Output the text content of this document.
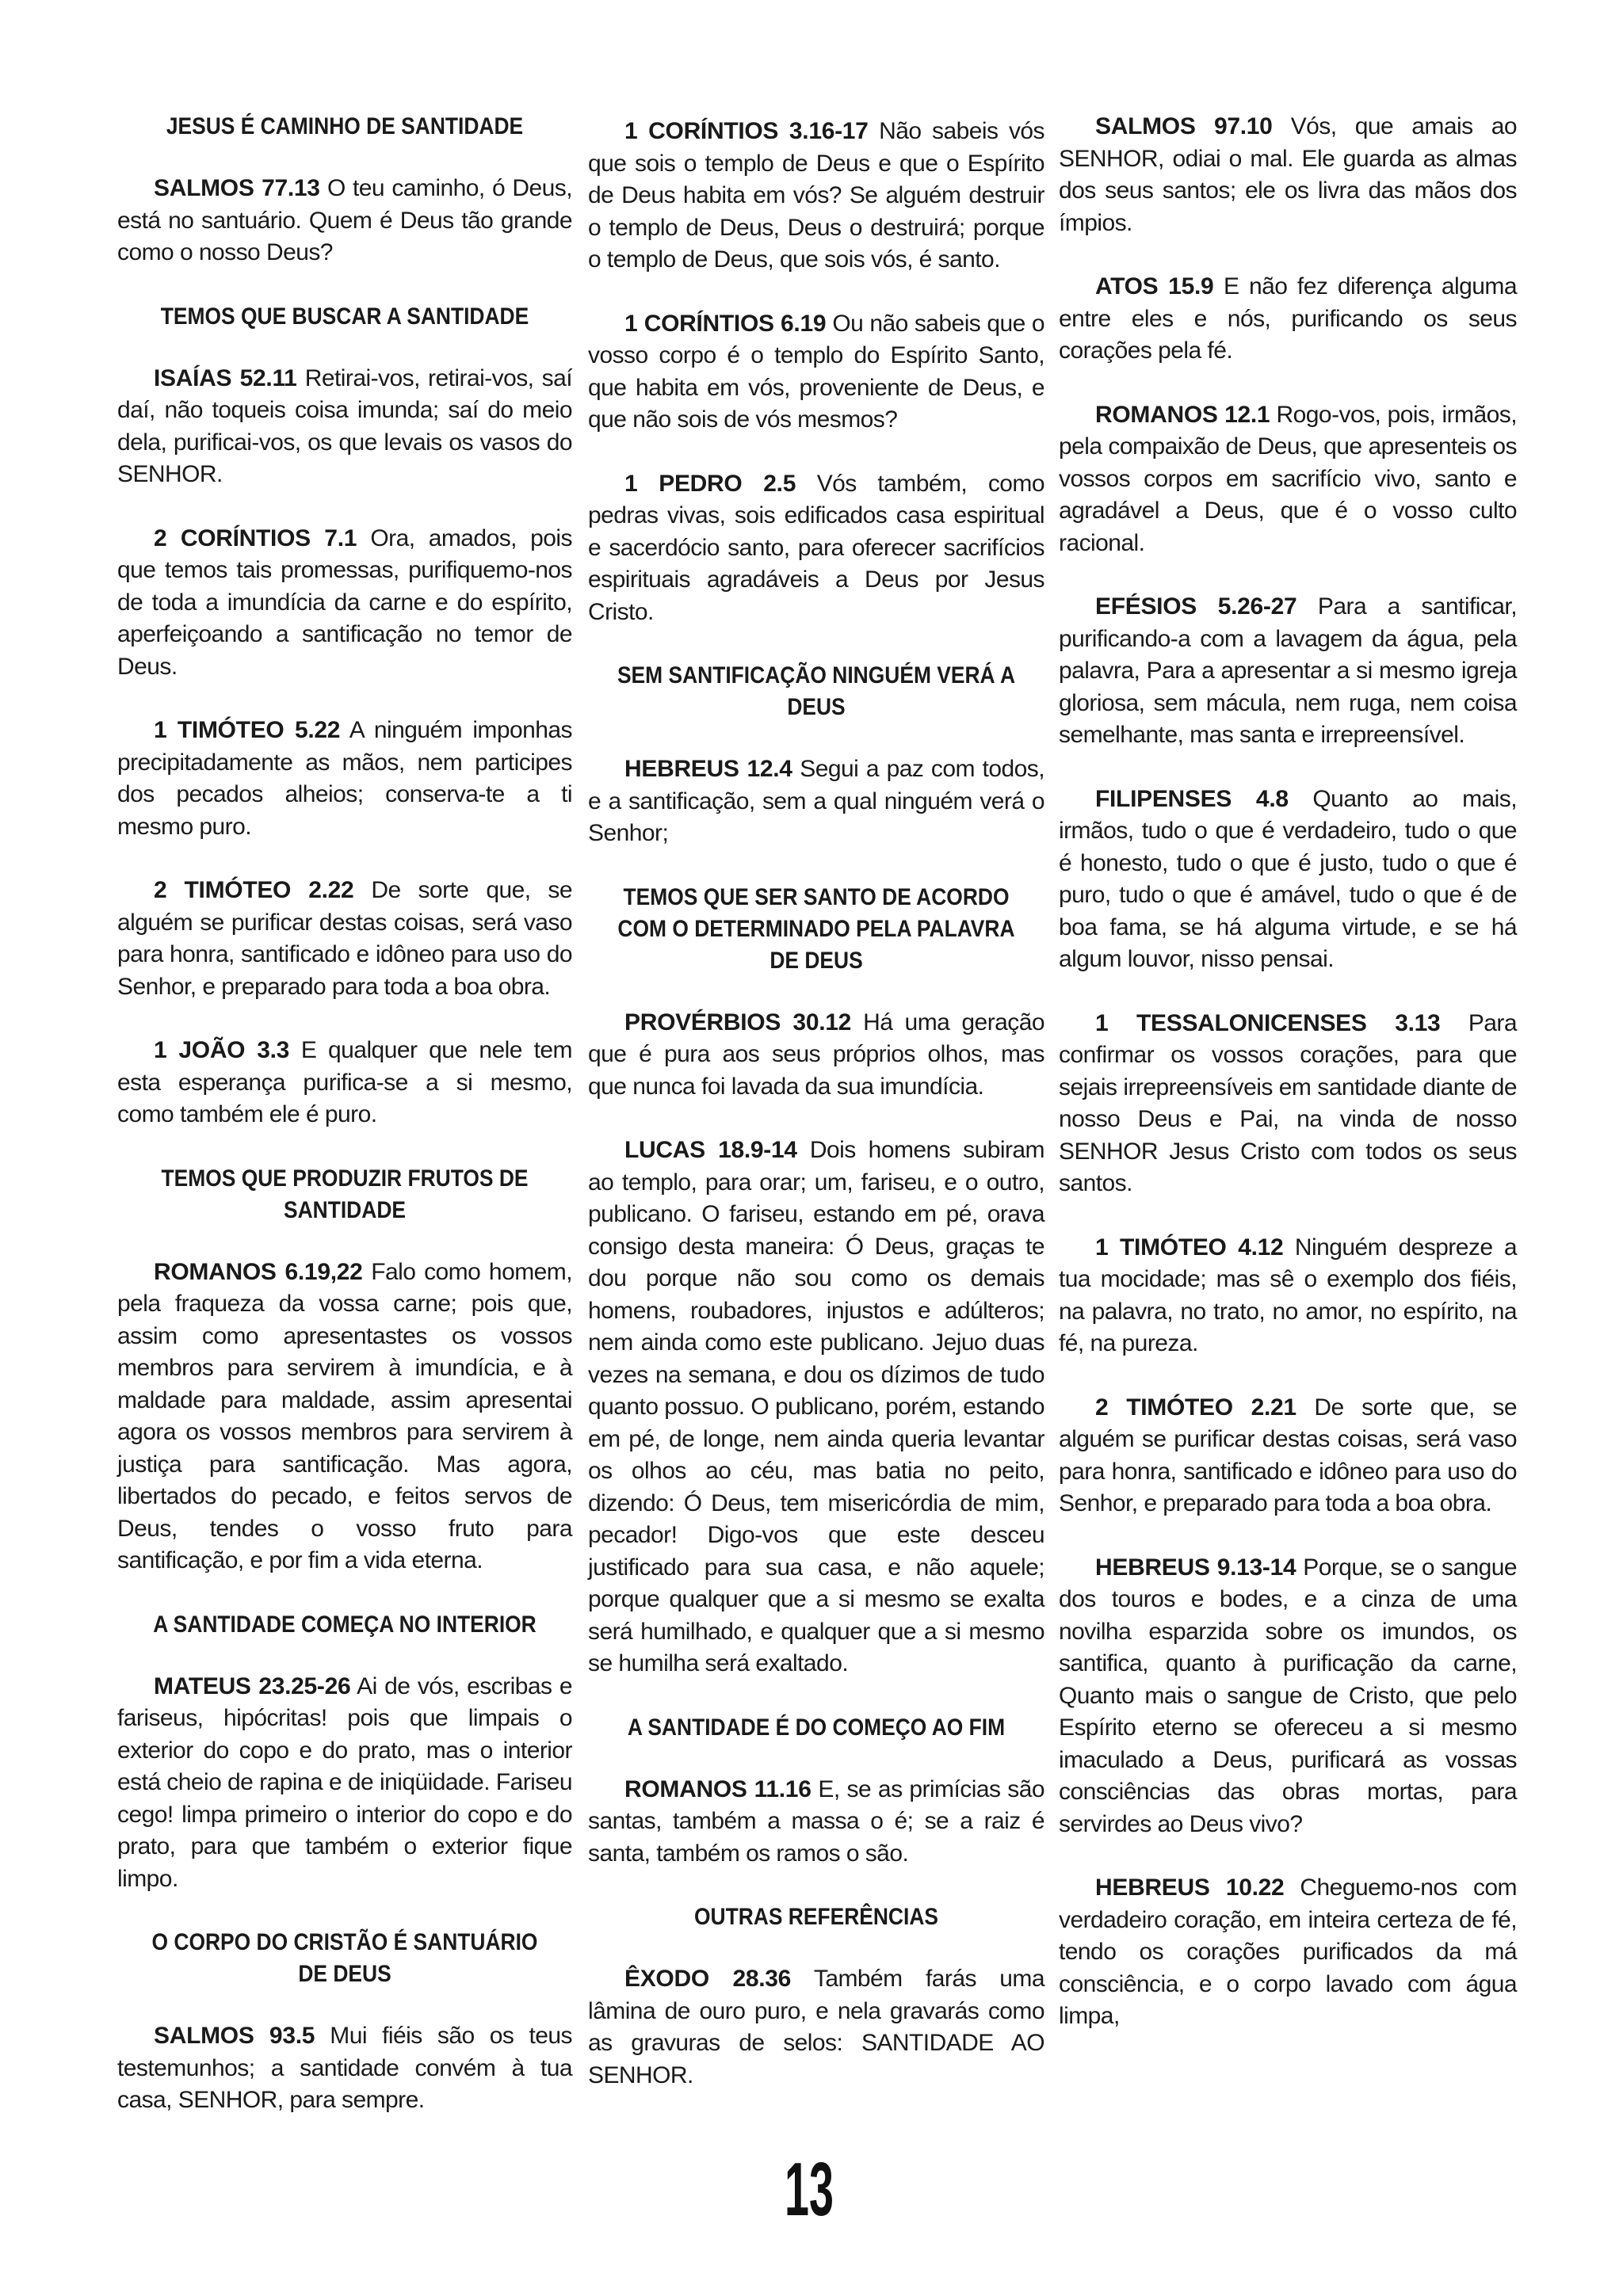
JESUS É CAMINHO DE SANTIDADE

SALMOS 77.13 O teu caminho, ó Deus, está no santuário. Quem é Deus tão grande como o nosso Deus?

TEMOS QUE BUSCAR A SANTIDADE

ISAÍAS 52.11 Retirai-vos, retirai-vos, saí daí, não toqueis coisa imunda; saí do meio dela, purificai-vos, os que levais os vasos do SENHOR.

2 CORÍNTIOS 7.1 Ora, amados, pois que temos tais promessas, purifiquemo-nos de toda a imundícia da carne e do espírito, aperfeiçoando a santificação no temor de Deus.

1 TIMÓTEO 5.22 A ninguém imponhas precipitadamente as mãos, nem participes dos pecados alheios; conserva-te a ti mesmo puro.

2 TIMÓTEO 2.22 De sorte que, se alguém se purificar destas coisas, será vaso para honra, santificado e idôneo para uso do Senhor, e preparado para toda a boa obra.

1 JOÃO 3.3 E qualquer que nele tem esta esperança purifica-se a si mesmo, como também ele é puro.

TEMOS QUE PRODUZIR FRUTOS DE SANTIDADE

ROMANOS 6.19,22 Falo como homem, pela fraqueza da vossa carne; pois que, assim como apresentastes os vossos membros para servirem à imundícia, e à maldade para maldade, assim apresentai agora os vossos membros para servirem à justiça para santificação. Mas agora, libertados do pecado, e feitos servos de Deus, tendes o vosso fruto para santificação, e por fim a vida eterna.

A SANTIDADE COMEÇA NO INTERIOR

MATEUS 23.25-26 Ai de vós, escribas e fariseus, hipócritas! pois que limpais o exterior do copo e do prato, mas o interior está cheio de rapina e de iniqüidade. Fariseu cego! limpa primeiro o interior do copo e do prato, para que também o exterior fique limpo.

O CORPO DO CRISTÃO É SANTUÁRIO DE DEUS

SALMOS 93.5 Mui fiéis são os teus testemunhos; a santidade convém à tua casa, SENHOR, para sempre.

1 CORÍNTIOS 3.16-17 Não sabeis vós que sois o templo de Deus e que o Espírito de Deus habita em vós? Se alguém destruir o templo de Deus, Deus o destruirá; porque o templo de Deus, que sois vós, é santo.

1 CORÍNTIOS 6.19 Ou não sabeis que o vosso corpo é o templo do Espírito Santo, que habita em vós, proveniente de Deus, e que não sois de vós mesmos?

1 PEDRO 2.5 Vós também, como pedras vivas, sois edificados casa espiritual e sacerdócio santo, para oferecer sacrifícios espirituais agradáveis a Deus por Jesus Cristo.

SEM SANTIFICAÇÃO NINGUÉM VERÁ A DEUS

HEBREUS 12.4 Segui a paz com todos, e a santificação, sem a qual ninguém verá o Senhor;

TEMOS QUE SER SANTO DE ACORDO COM O DETERMINADO PELA PALAVRA DE DEUS

PROVÉRBIOS 30.12 Há uma geração que é pura aos seus próprios olhos, mas que nunca foi lavada da sua imundícia.

LUCAS 18.9-14 Dois homens subiram ao templo, para orar; um, fariseu, e o outro, publicano. O fariseu, estando em pé, orava consigo desta maneira: Ó Deus, graças te dou porque não sou como os demais homens, roubadores, injustos e adúlteros; nem ainda como este publicano. Jejuo duas vezes na semana, e dou os dízimos de tudo quanto possuo. O publicano, porém, estando em pé, de longe, nem ainda queria levantar os olhos ao céu, mas batia no peito, dizendo: Ó Deus, tem misericórdia de mim, pecador! Digo-vos que este desceu justificado para sua casa, e não aquele; porque qualquer que a si mesmo se exalta será humilhado, e qualquer que a si mesmo se humilha será exaltado.

A SANTIDADE É DO COMEÇO AO FIM

ROMANOS 11.16 E, se as primícias são santas, também a massa o é; se a raiz é santa, também os ramos o são.

OUTRAS REFERÊNCIAS

ÊXODO 28.36 Também farás uma lâmina de ouro puro, e nela gravarás como as gravuras de selos: SANTIDADE AO SENHOR.

SALMOS 97.10 Vós, que amais ao SENHOR, odiai o mal. Ele guarda as almas dos seus santos; ele os livra das mãos dos ímpios.

ATOS 15.9 E não fez diferença alguma entre eles e nós, purificando os seus corações pela fé.

ROMANOS 12.1 Rogo-vos, pois, irmãos, pela compaixão de Deus, que apresenteis os vossos corpos em sacrifício vivo, santo e agradável a Deus, que é o vosso culto racional.

EFÉSIOS 5.26-27 Para a santificar, purificando-a com a lavagem da água, pela palavra, Para a apresentar a si mesmo igreja gloriosa, sem mácula, nem ruga, nem coisa semelhante, mas santa e irrepreensível.

FILIPENSES 4.8 Quanto ao mais, irmãos, tudo o que é verdadeiro, tudo o que é honesto, tudo o que é justo, tudo o que é puro, tudo o que é amável, tudo o que é de boa fama, se há alguma virtude, e se há algum louvor, nisso pensai.

1 TESSALONICENSES 3.13 Para confirmar os vossos corações, para que sejais irrepreensíveis em santidade diante de nosso Deus e Pai, na vinda de nosso SENHOR Jesus Cristo com todos os seus santos.

1 TIMÓTEO 4.12 Ninguém despreze a tua mocidade; mas sê o exemplo dos fiéis, na palavra, no trato, no amor, no espírito, na fé, na pureza.

2 TIMÓTEO 2.21 De sorte que, se alguém se purificar destas coisas, será vaso para honra, santificado e idôneo para uso do Senhor, e preparado para toda a boa obra.

HEBREUS 9.13-14 Porque, se o sangue dos touros e bodes, e a cinza de uma novilha esparzida sobre os imundos, os santifica, quanto à purificação da carne, Quanto mais o sangue de Cristo, que pelo Espírito eterno se ofereceu a si mesmo imaculado a Deus, purificará as vossas consciências das obras mortas, para servirdes ao Deus vivo?

HEBREUS 10.22 Cheguemo-nos com verdadeiro coração, em inteira certeza de fé, tendo os corações purificados da má consciência, e o corpo lavado com água limpa,

13
